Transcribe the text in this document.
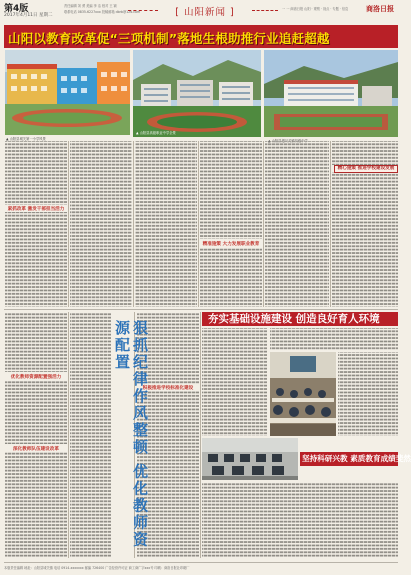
第4版
2017年4月11日 星期二
责任编辑 刘 勇 美编 李 洁 校对 王 颖
联系电话 0835-6227xxx 投稿邮箱 dbrb@126.com	[ 山阳新闻 ]	一 一 商洛日报 山阳 · 观察 · 视点 · 专题 · 信息	商洛日报
山阳以教育改革促“三项机制”落地生根助推行业追赶超越
▲ 山阳县城关第一小学风景
▲ 山阳县高级职业中学全景
紧抓改革 激发干部担当活力
精准施策 大力发展职业教育
精心施策 推进学校建设发展
积极推进学校标准化建设
优化教师资源配置强活力
深化教师队伍建设改革	狠抓纪律作风整顿 优化教师资源配置
夯实基础设施建设 创造良好育人环境
坚持科研兴教 素质教育成绩斐然
本版责任编辑 地址：山阳县城关镇 电话 0914-xxxxxxx 邮编 726400 广告经营许可证 商工商广字xxx号 印刷：商洛日报社印刷厂
